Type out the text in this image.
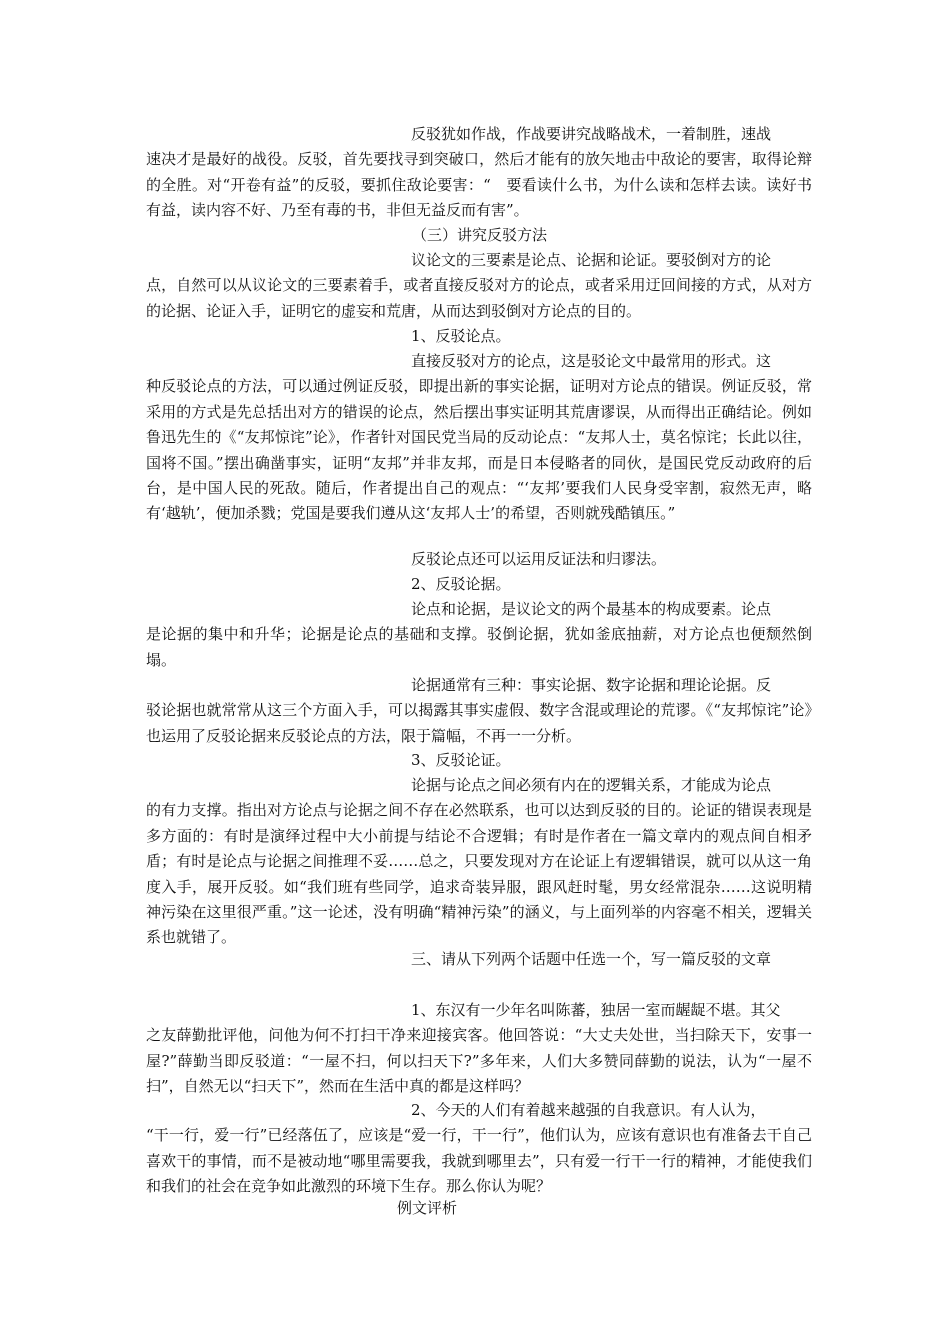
反驳犹如作战，作战要讲究战略战术，一着制胜，速战
速决才是最好的战役。反驳，首先要找寻到突破口，然后才能有的放矢地击中敌论的要害，取得论辩的全胜。对“开卷有益”的反驳，要抓住敌论要害：“　要看读什么书，为什么读和怎样去读。读好书有益，读内容不好、乃至有毒的书，非但无益反而有害”。

（三）讲究反驳方法

议论文的三要素是论点、论据和论证。要驳倒对方的论
点，自然可以从议论文的三要素着手，或者直接反驳对方的论点，或者采用迂回间接的方式，从对方的论据、论证入手，证明它的虚妄和荒唐，从而达到驳倒对方论点的目的。

1、反驳论点。

直接反驳对方的论点，这是驳论文中最常用的形式。这
种反驳论点的方法，可以通过例证反驳，即提出新的事实论据，证明对方论点的错误。例证反驳，常采用的方式是先总括出对方的错误的论点，然后摆出事实证明其荒唐谬误，从而得出正确结论。例如鲁迅先生的《“友邦惊诧”论》，作者针对国民党当局的反动论点：“友邦人士，莫名惊诧；长此以往，国将不国。”摆出确凿事实，证明“友邦”并非友邦，而是日本侵略者的同伙，是国民党反动政府的后台，是中国人民的死敌。随后，作者提出自己的观点：“‘友邦’要我们人民身受宰割，寂然无声，略有‘越轨’，便加杀戮；党国是要我们遵从这‘友邦人士’的希望，否则就残酷镇压。”

反驳论点还可以运用反证法和归谬法。

2、反驳论据。

论点和论据，是议论文的两个最基本的构成要素。论点
是论据的集中和升华；论据是论点的基础和支撑。驳倒论据，犹如釜底抽薪，对方论点也便颓然倒塌。

论据通常有三种：事实论据、数字论据和理论论据。反
驳论据也就常常从这三个方面入手，可以揭露其事实虚假、数字含混或理论的荒谬。《“友邦惊诧”论》也运用了反驳论据来反驳论点的方法，限于篇幅，不再一一分析。

3、反驳论证。

论据与论点之间必须有内在的逻辑关系，才能成为论点
的有力支撑。指出对方论点与论据之间不存在必然联系，也可以达到反驳的目的。论证的错误表现是多方面的：有时是演绎过程中大小前提与结论不合逻辑；有时是作者在一篇文章内的观点间自相矛盾；有时是论点与论据之间推理不妥……总之，只要发现对方在论证上有逻辑错误，就可以从这一角度入手，展开反驳。如“我们班有些同学，追求奇装异服，跟风赶时髦，男女经常混杂……这说明精神污染在这里很严重。”这一论述，没有明确“精神污染”的涵义，与上面列举的内容毫不相关，逻辑关系也就错了。

三、请从下列两个话题中任选一个，写一篇反驳的文章

1、东汉有一少年名叫陈蕃，独居一室而龌龊不堪。其父
之友薛勤批评他，问他为何不打扫干净来迎接宾客。他回答说：“大丈夫处世，当扫除天下，安事一屋?”薛勤当即反驳道：“一屋不扫，何以扫天下?”多年来，人们大多赞同薛勤的说法，认为“一屋不扫”，自然无以“扫天下”，然而在生活中真的都是这样吗？

2、今天的人们有着越来越强的自我意识。有人认为，
“干一行，爱一行”已经落伍了，应该是“爱一行，干一行”，他们认为，应该有意识也有准备去干自己喜欢干的事情，而不是被动地“哪里需要我，我就到哪里去”，只有爱一行干一行的精神，才能使我们和我们的社会在竞争如此激烈的环境下生存。那么你认为呢？

例文评析
